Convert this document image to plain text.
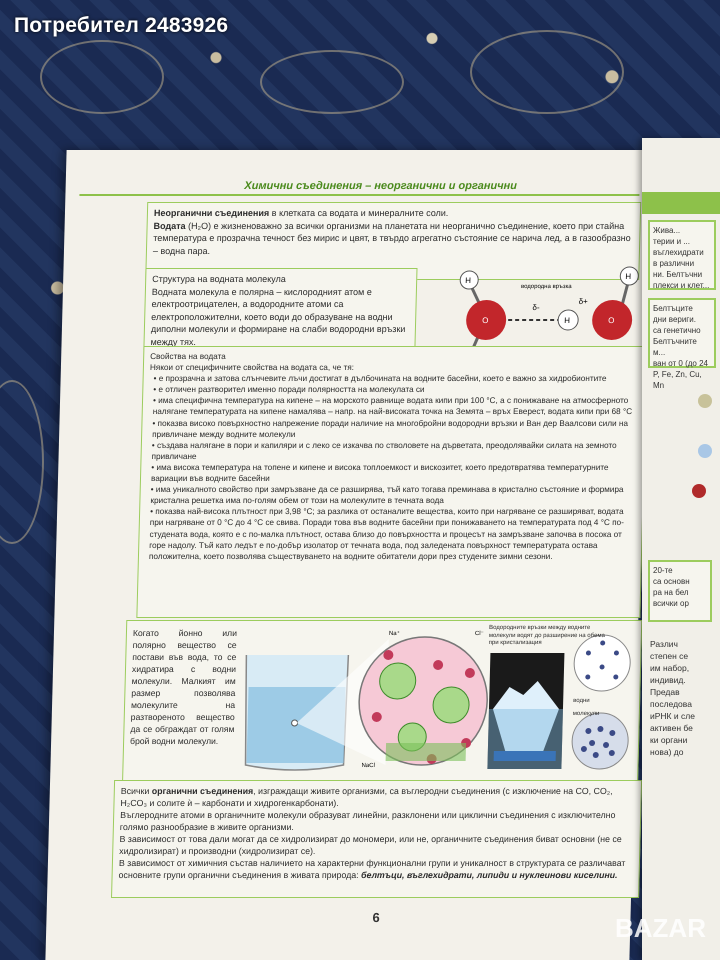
Потребител 2483926
Химични съединения – неорганични и органични

Неорганични съединения в клетката са водата и минералните соли.

Водата (H₂O) е жизненоважно за всички организми на планетата ни неорганично съединение, което при стайна температура е прозрачна течност без мирис и цвят, в твърдо агрегатно състояние се нарича лед, а в газообразно – водна пара.

Структура на водната молекула

Водната молекула е полярна – кислородният атом е електроотрицателен, а водородните атоми са електроположителни, което води до образуване на водни диполни молекули и формиране на слаби водородни връзки между тях.

H
H
H
O	O
водородна връзка
δ-
δ+

Свойства на водата

Някои от специфичните свойства на водата са, че тя:

• е прозрачна и затова слънчевите лъчи достигат в дълбочината на водните басейни, което е важно за хидробионтите

• е отличен разтворител именно поради полярността на молекулата си

• има специфична температура на кипене – на морското равнище водата кипи при 100 °C, а с понижаване на атмосферното налягане температурата на кипене намалява – напр. на най-високата точка на Земята – връх Еверест, водата кипи при 68 °C

• показва високо повърхностно напрежение поради наличие на многобройни водородни връзки и Ван дер Ваалсови сили на привличане между водните молекули

• създава налягане в пори и капиляри и с леко се изкачва по стволовете на дърветата, преодолявайки силата на земното привличане

• има висока температура на топене и кипене и висока топлоемкост и вискозитет, което предотвратява температурните вариации във водните басейни

• има уникалното свойство при замръзване да се разширява, тъй като тогава преминава в кристално състояние и формира кристална решетка има по-голям обем от този на молекулите в течната вода

• показва най-висока плътност при 3,98 °C; за разлика от останалите вещества, които при нагряване се разширяват, водата при нагряване от 0 °C до 4 °C се свива. Поради това във водните басейни при понижаването на температурата под 4 °C по-студената вода, която е с по-малка плътност, остава близо до повърхността и процесът на замръзване започва в посока от горе надолу. Тъй като ледът е по-добър изолатор от течната вода, под заледената повърхност температурата остава положителна, което позволява съществуването на водните обитатели дори през студените зимни сезони.

Когато йонно или полярно вещество се постави във вода, то се хидратира с водни молекули. Малкият им размер позволява молекулите на разтвореното вещество да се обграждат от голям брой водни молекули.

Na⁺	Cl⁻
NaCl
Водородните връзки между водните молекули водят до разширение на обема при кристализация
водни молекули

Всички органични съединения, изграждащи живите организми, са въглеродни съединения (с изключение на CO, CO₂, H₂CO₃ и солите ѝ – карбонати и хидрогенкарбонати).

Въглеродните атоми в органичните молекули образуват линейни, разклонени или циклични съединения с изключително голямо разнообразие в живите организми.

В зависимост от това дали могат да се хидролизират до мономери, или не, органичните съединения биват основни (не се хидролизират) и производни (хидролизират се).

В зависимост от химичния състав наличието на характерни функционални групи и уникалност в структурата се различават основните групи органични съединения в живата природа: белтъци, въглехидрати, липиди и нуклеинови киселини.

6
Жива...
терии и ...
въглехидрати
в различни
ни. Белтъчни
плекси и клет...
Белтъците
дни вериги.
са генетично
Белтъчните м...
ван от 0 (до 24
P, Fe, Zn, Cu, Mn
20-те
са основн
ра на бел
всички ор
Различ
степен се
им набор,
индивид.
Предав
последова
иРНК и сле
активен бе
ки органи
нова) до
BAZAR
